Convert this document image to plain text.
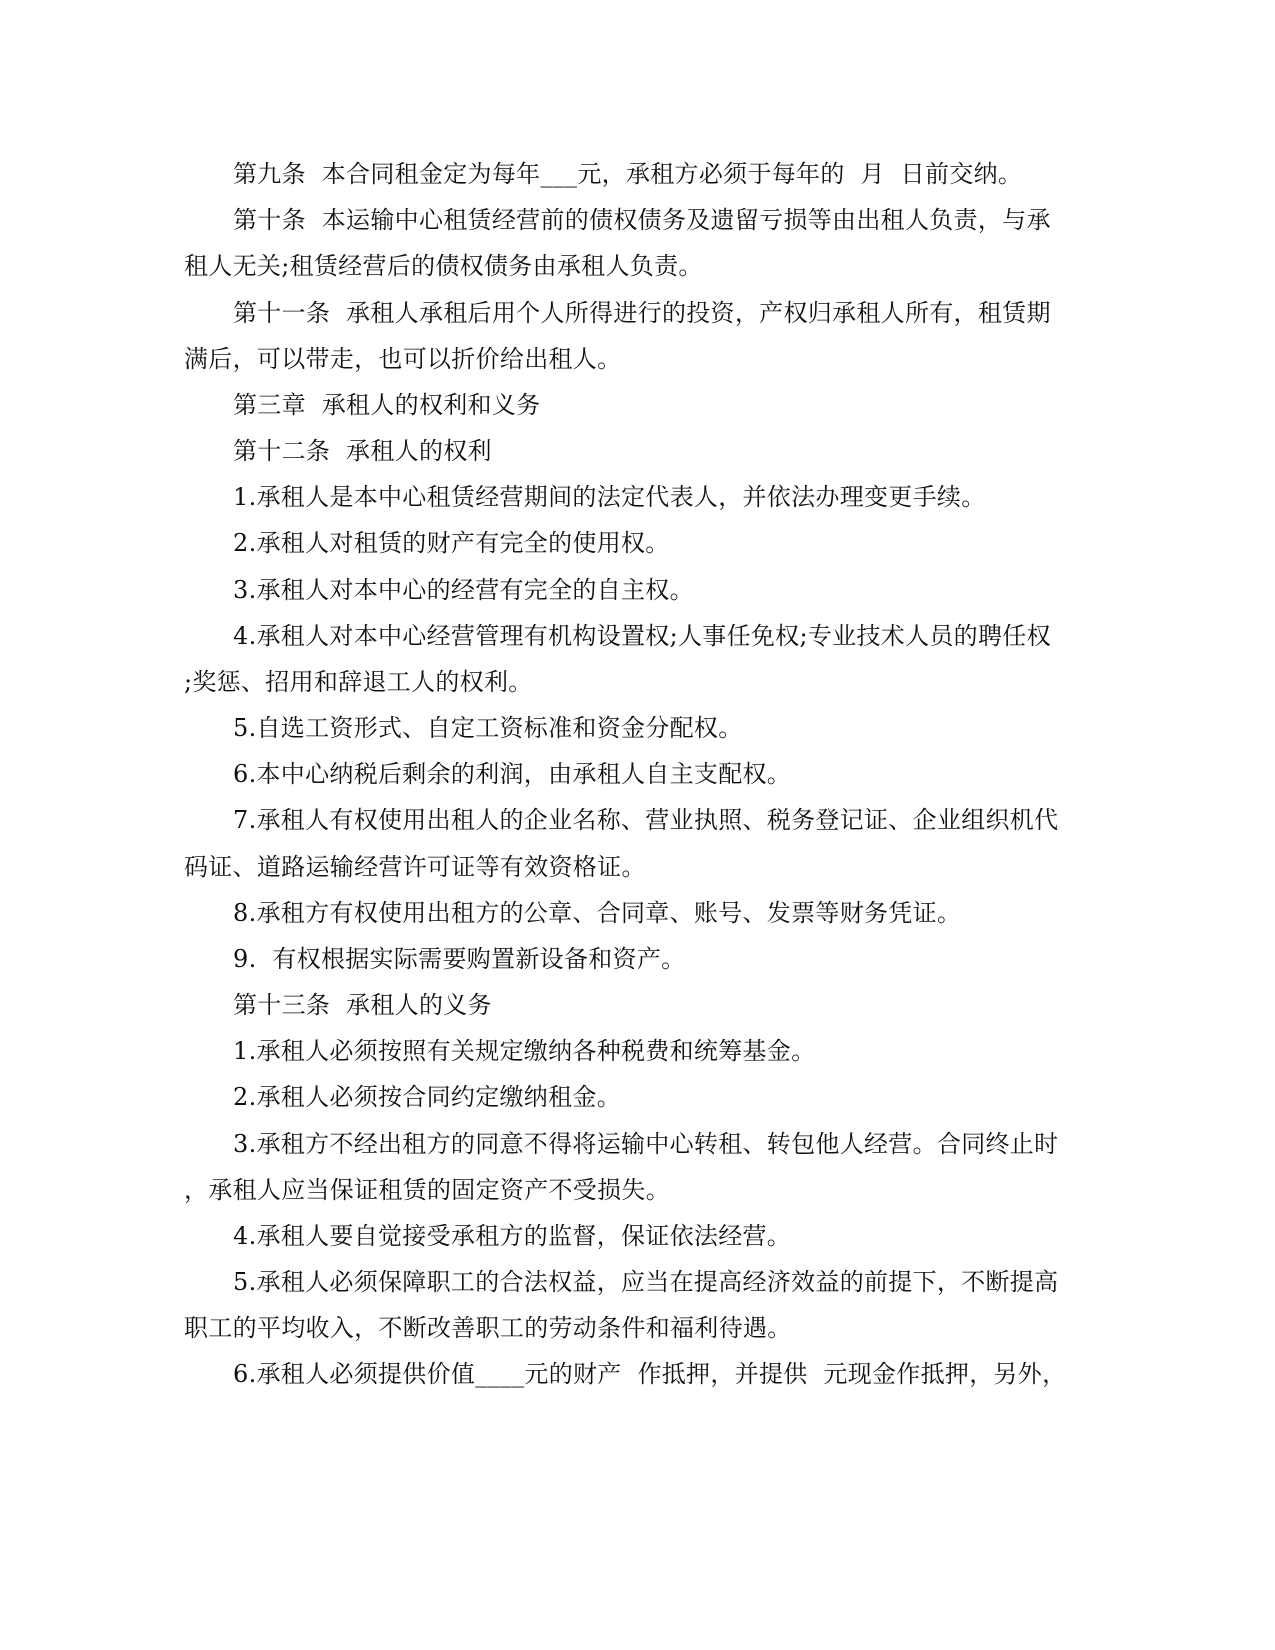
第九条  本合同租金定为每年___元，承租方必须于每年的  月  日前交纳。
第十条  本运输中心租赁经营前的债权债务及遗留亏损等由出租人负责，与承
租人无关;租赁经营后的债权债务由承租人负责。
第十一条  承租人承租后用个人所得进行的投资，产权归承租人所有，租赁期
满后，可以带走，也可以折价给出租人。
第三章  承租人的权利和义务
第十二条  承租人的权利
1.承租人是本中心租赁经营期间的法定代表人，并依法办理变更手续。
2.承租人对租赁的财产有完全的使用权。
3.承租人对本中心的经营有完全的自主权。
4.承租人对本中心经营管理有机构设置权;人事任免权;专业技术人员的聘任权
;奖惩、招用和辞退工人的权利。
5.自选工资形式、自定工资标准和资金分配权。
6.本中心纳税后剩余的利润，由承租人自主支配权。
7.承租人有权使用出租人的企业名称、营业执照、税务登记证、企业组织机代
码证、道路运输经营许可证等有效资格证。
8.承租方有权使用出租方的公章、合同章、账号、发票等财务凭证。
9.  有权根据实际需要购置新设备和资产。
第十三条  承租人的义务
1.承租人必须按照有关规定缴纳各种税费和统筹基金。
2.承租人必须按合同约定缴纳租金。
3.承租方不经出租方的同意不得将运输中心转租、转包他人经营。合同终止时
，承租人应当保证租赁的固定资产不受损失。
4.承租人要自觉接受承租方的监督，保证依法经营。
5.承租人必须保障职工的合法权益，应当在提高经济效益的前提下，不断提高
职工的平均收入，不断改善职工的劳动条件和福利待遇。
6.承租人必须提供价值____元的财产  作抵押，并提供  元现金作抵押，另外，
